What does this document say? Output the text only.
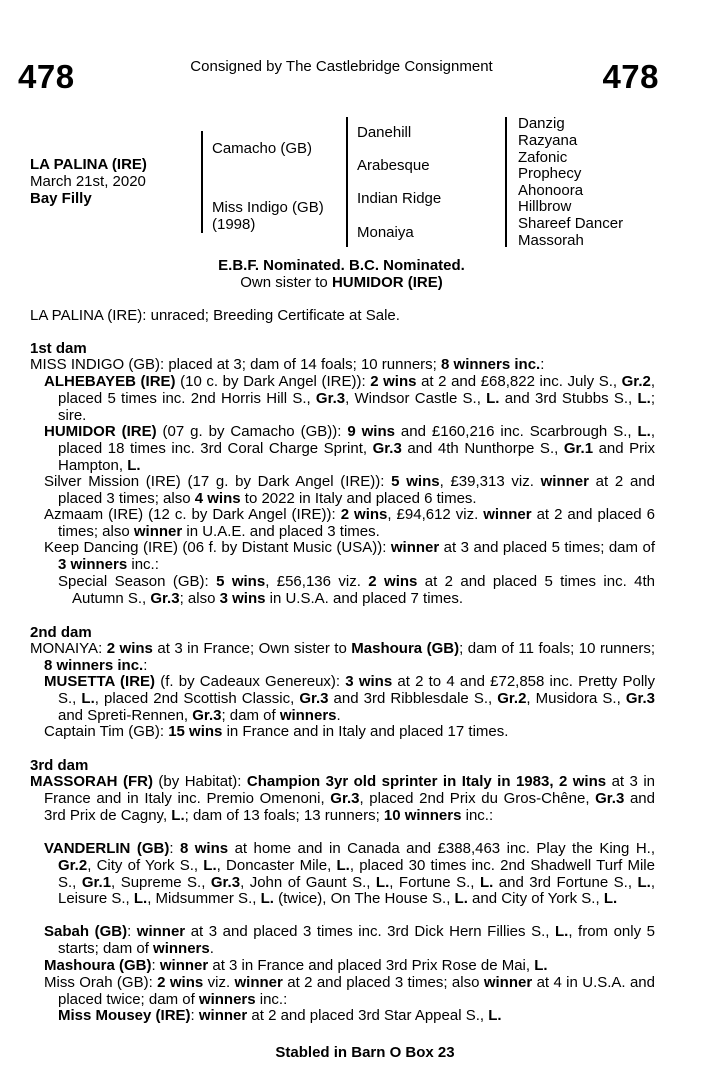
478	Consigned by The Castlebridge Consignment	478
LA PALINA (IRE)
March 21st, 2020
Bay Filly
Camacho (GB)
Miss Indigo (GB)
(1998)
Danehill
Arabesque
Indian Ridge
Monaiya
Danzig
Razyana
Zafonic
Prophecy
Ahonoora
Hillbrow
Shareef Dancer
Massorah
E.B.F. Nominated. B.C. Nominated.
Own sister to HUMIDOR (IRE)
LA PALINA (IRE): unraced; Breeding Certificate at Sale.
1st dam
MISS INDIGO (GB): placed at 3; dam of 14 foals; 10 runners; 8 winners inc.:
ALHEBAYEB (IRE) (10 c. by Dark Angel (IRE)): 2 wins at 2 and £68,822 inc. July S., Gr.2, placed 5 times inc. 2nd Horris Hill S., Gr.3, Windsor Castle S., L. and 3rd Stubbs S., L.; sire.
HUMIDOR (IRE) (07 g. by Camacho (GB)): 9 wins and £160,216 inc. Scarbrough S., L., placed 18 times inc. 3rd Coral Charge Sprint, Gr.3 and 4th Nunthorpe S., Gr.1 and Prix Hampton, L.
Silver Mission (IRE) (17 g. by Dark Angel (IRE)): 5 wins, £39,313 viz. winner at 2 and placed 3 times; also 4 wins to 2022 in Italy and placed 6 times.
Azmaam (IRE) (12 c. by Dark Angel (IRE)): 2 wins, £94,612 viz. winner at 2 and placed 6 times; also winner in U.A.E. and placed 3 times.
Keep Dancing (IRE) (06 f. by Distant Music (USA)): winner at 3 and placed 5 times; dam of 3 winners inc.:
Special Season (GB): 5 wins, £56,136 viz. 2 wins at 2 and placed 5 times inc. 4th Autumn S., Gr.3; also 3 wins in U.S.A. and placed 7 times.
2nd dam
MONAIYA: 2 wins at 3 in France; Own sister to Mashoura (GB); dam of 11 foals; 10 runners; 8 winners inc.:
MUSETTA (IRE) (f. by Cadeaux Genereux): 3 wins at 2 to 4 and £72,858 inc. Pretty Polly S., L., placed 2nd Scottish Classic, Gr.3 and 3rd Ribblesdale S., Gr.2, Musidora S., Gr.3 and Spreti-Rennen, Gr.3; dam of winners.
Captain Tim (GB): 15 wins in France and in Italy and placed 17 times.
3rd dam
MASSORAH (FR) (by Habitat): Champion 3yr old sprinter in Italy in 1983, 2 wins at 3 in France and in Italy inc. Premio Omenoni, Gr.3, placed 2nd Prix du Gros-Chêne, Gr.3 and 3rd Prix de Cagny, L.; dam of 13 foals; 13 runners; 10 winners inc.:
VANDERLIN (GB): 8 wins at home and in Canada and £388,463 inc. Play the King H., Gr.2, City of York S., L., Doncaster Mile, L., placed 30 times inc. 2nd Shadwell Turf Mile S., Gr.1, Supreme S., Gr.3, John of Gaunt S., L., Fortune S., L. and 3rd Fortune S., L., Leisure S., L., Midsummer S., L. (twice), On The House S., L. and City of York S., L.
Sabah (GB): winner at 3 and placed 3 times inc. 3rd Dick Hern Fillies S., L., from only 5 starts; dam of winners.
Mashoura (GB): winner at 3 in France and placed 3rd Prix Rose de Mai, L.
Miss Orah (GB): 2 wins viz. winner at 2 and placed 3 times; also winner at 4 in U.S.A. and placed twice; dam of winners inc.:
Miss Mousey (IRE): winner at 2 and placed 3rd Star Appeal S., L.
Stabled in Barn O Box 23
